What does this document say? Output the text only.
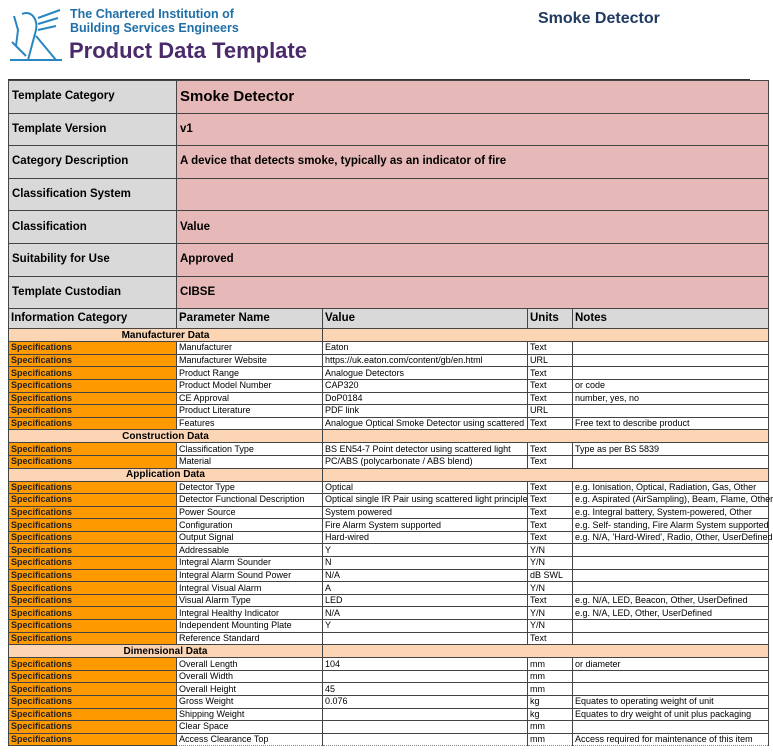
The Chartered Institution of
Building Services Engineers
Product Data Template
Smoke Detector
Template Category	Smoke Detector			
Template Version	v1			
Category Description	A device that detects smoke, typically as an indicator of fire			
Classification System				
Classification	Value			
Suitability for Use	Approved			
Template Custodian	CIBSE			
Information Category	Parameter Name	Value	Units	Notes
Manufacturer Data				
Specifications	Manufacturer	Eaton	Text	
Specifications	Manufacturer Website	https://uk.eaton.com/content/gb/en.html	URL	
Specifications	Product Range	Analogue Detectors	Text	
Specifications	Product Model Number	CAP320	Text	or code
Specifications	CE Approval	DoP0184	Text	number, yes, no
Specifications	Product Literature	PDF link	URL	
Specifications	Features	Analogue Optical Smoke Detector using scattered	Text	Free text to describe product
Construction Data				
Specifications	Classification Type	BS EN54-7 Point detector using scattered light	Text	Type as per BS 5839
Specifications	Material	PC/ABS (polycarbonate / ABS blend)	Text	
Application Data				
Specifications	Detector Type	Optical	Text	e.g. Ionisation, Optical, Radiation, Gas, Other
Specifications	Detector Functional Description	Optical single IR Pair using scattered light principle	Text	e.g. Aspirated (AirSampling), Beam, Flame, Other
Specifications	Power Source	System powered	Text	e.g. Integral battery, System-powered, Other
Specifications	Configuration	Fire Alarm System supported	Text	e.g. Self- standing, Fire Alarm System supported
Specifications	Output Signal	Hard-wired	Text	e.g. N/A, 'Hard-Wired', Radio, Other, UserDefined
Specifications	Addressable	Y	Y/N	
Specifications	Integral Alarm Sounder	N	Y/N	
Specifications	Integral Alarm Sound Power	N/A	dB SWL	
Specifications	Integral Visual Alarm	A	Y/N	
Specifications	Visual Alarm Type	LED	Text	e.g. N/A, LED, Beacon, Other, UserDefined
Specifications	Integral Healthy Indicator	N/A	Y/N	e.g. N/A, LED, Other, UserDefined
Specifications	Independent Mounting Plate	Y	Y/N	
Specifications	Reference Standard		Text	
Dimensional Data				
Specifications	Overall Length	104	mm	or diameter
Specifications	Overall Width		mm	
Specifications	Overall Height	45	mm	
Specifications	Gross Weight	0.076	kg	Equates to operating weight of unit
Specifications	Shipping Weight		kg	Equates to dry weight of unit plus packaging
Specifications	Clear Space		mm	
Specifications	Access Clearance Top		mm	Access required for maintenance of this item
